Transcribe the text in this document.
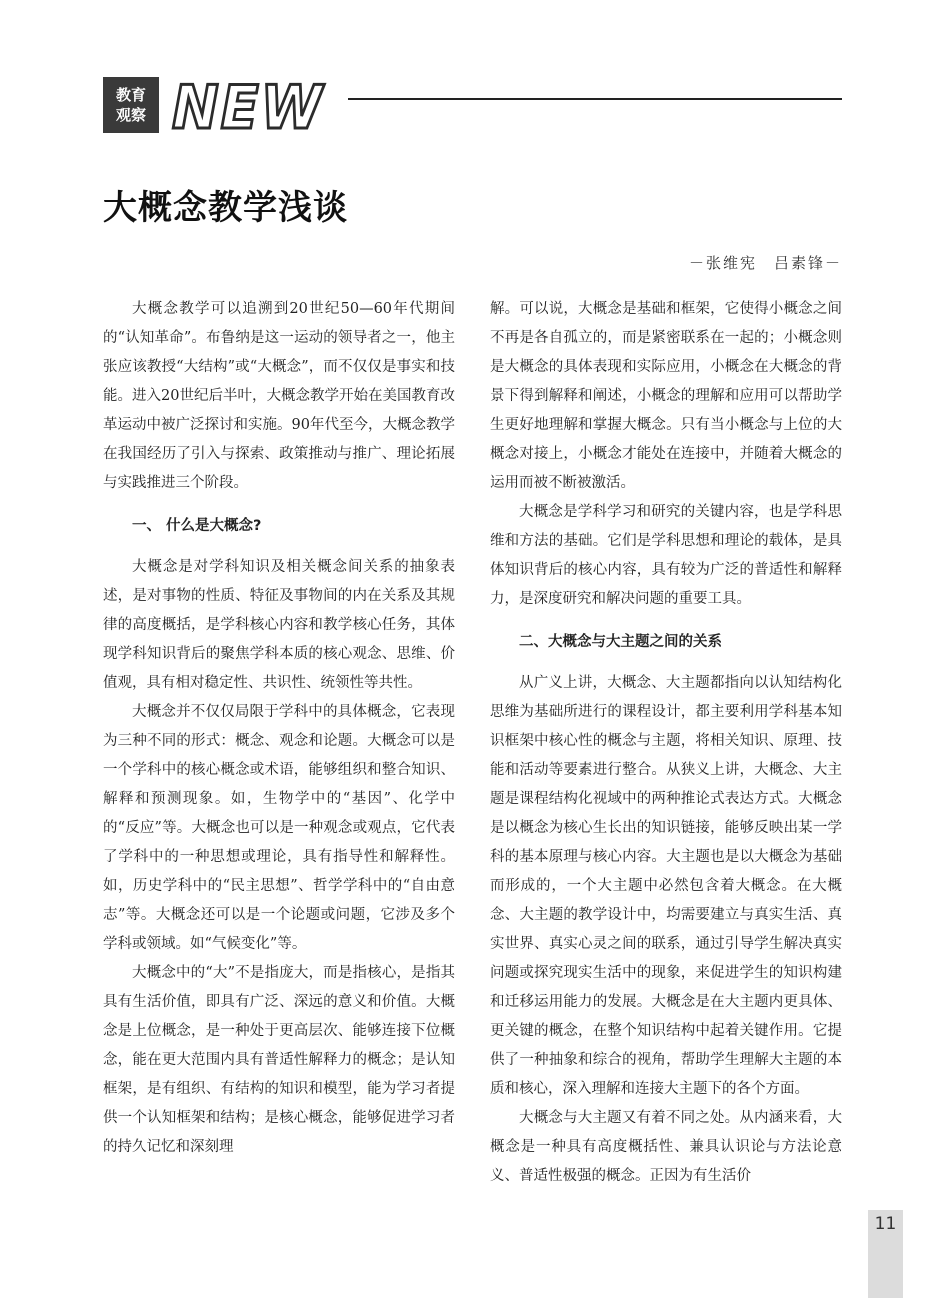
教育
观察 NEW
大概念教学浅谈
－张维宪　吕素锋－

大概念教学可以追溯到20世纪50—60年代期间的“认知革命”。布鲁纳是这一运动的领导者之一，他主张应该教授“大结构”或“大概念”，而不仅仅是事实和技能。进入20世纪后半叶，大概念教学开始在美国教育改革运动中被广泛探讨和实施。90年代至今，大概念教学在我国经历了引入与探索、政策推动与推广、理论拓展与实践推进三个阶段。

一、 什么是大概念?

大概念是对学科知识及相关概念间关系的抽象表述，是对事物的性质、特征及事物间的内在关系及其规律的高度概括，是学科核心内容和教学核心任务，其体现学科知识背后的聚焦学科本质的核心观念、思维、价值观，具有相对稳定性、共识性、统领性等共性。

大概念并不仅仅局限于学科中的具体概念，它表现为三种不同的形式：概念、观念和论题。大概念可以是一个学科中的核心概念或术语，能够组织和整合知识、解释和预测现象。如，生物学中的“基因”、化学中的“反应”等。大概念也可以是一种观念或观点，它代表了学科中的一种思想或理论，具有指导性和解释性。如，历史学科中的“民主思想”、哲学学科中的“自由意志”等。大概念还可以是一个论题或问题，它涉及多个学科或领域。如“气候变化”等。

大概念中的“大”不是指庞大，而是指核心，是指其具有生活价值，即具有广泛、深远的意义和价值。大概念是上位概念，是一种处于更高层次、能够连接下位概念，能在更大范围内具有普适性解释力的概念；是认知框架，是有组织、有结构的知识和模型，能为学习者提供一个认知框架和结构；是核心概念，能够促进学习者的持久记忆和深刻理

解。可以说，大概念是基础和框架，它使得小概念之间不再是各自孤立的，而是紧密联系在一起的；小概念则是大概念的具体表现和实际应用，小概念在大概念的背景下得到解释和阐述，小概念的理解和应用可以帮助学生更好地理解和掌握大概念。只有当小概念与上位的大概念对接上，小概念才能处在连接中，并随着大概念的运用而被不断被激活。

大概念是学科学习和研究的关键内容，也是学科思维和方法的基础。它们是学科思想和理论的载体，是具体知识背后的核心内容，具有较为广泛的普适性和解释力，是深度研究和解决问题的重要工具。

二、大概念与大主题之间的关系

从广义上讲，大概念、大主题都指向以认知结构化思维为基础所进行的课程设计，都主要利用学科基本知识框架中核心性的概念与主题，将相关知识、原理、技能和活动等要素进行整合。从狭义上讲，大概念、大主题是课程结构化视域中的两种推论式表达方式。大概念是以概念为核心生长出的知识链接，能够反映出某一学科的基本原理与核心内容。大主题也是以大概念为基础而形成的，一个大主题中必然包含着大概念。在大概念、大主题的教学设计中，均需要建立与真实生活、真实世界、真实心灵之间的联系，通过引导学生解决真实问题或探究现实生活中的现象，来促进学生的知识构建和迁移运用能力的发展。大概念是在大主题内更具体、更关键的概念，在整个知识结构中起着关键作用。它提供了一种抽象和综合的视角，帮助学生理解大主题的本质和核心，深入理解和连接大主题下的各个方面。

大概念与大主题又有着不同之处。从内涵来看，大概念是一种具有高度概括性、兼具认识论与方法论意义、普适性极强的概念。正因为有生活价

11
